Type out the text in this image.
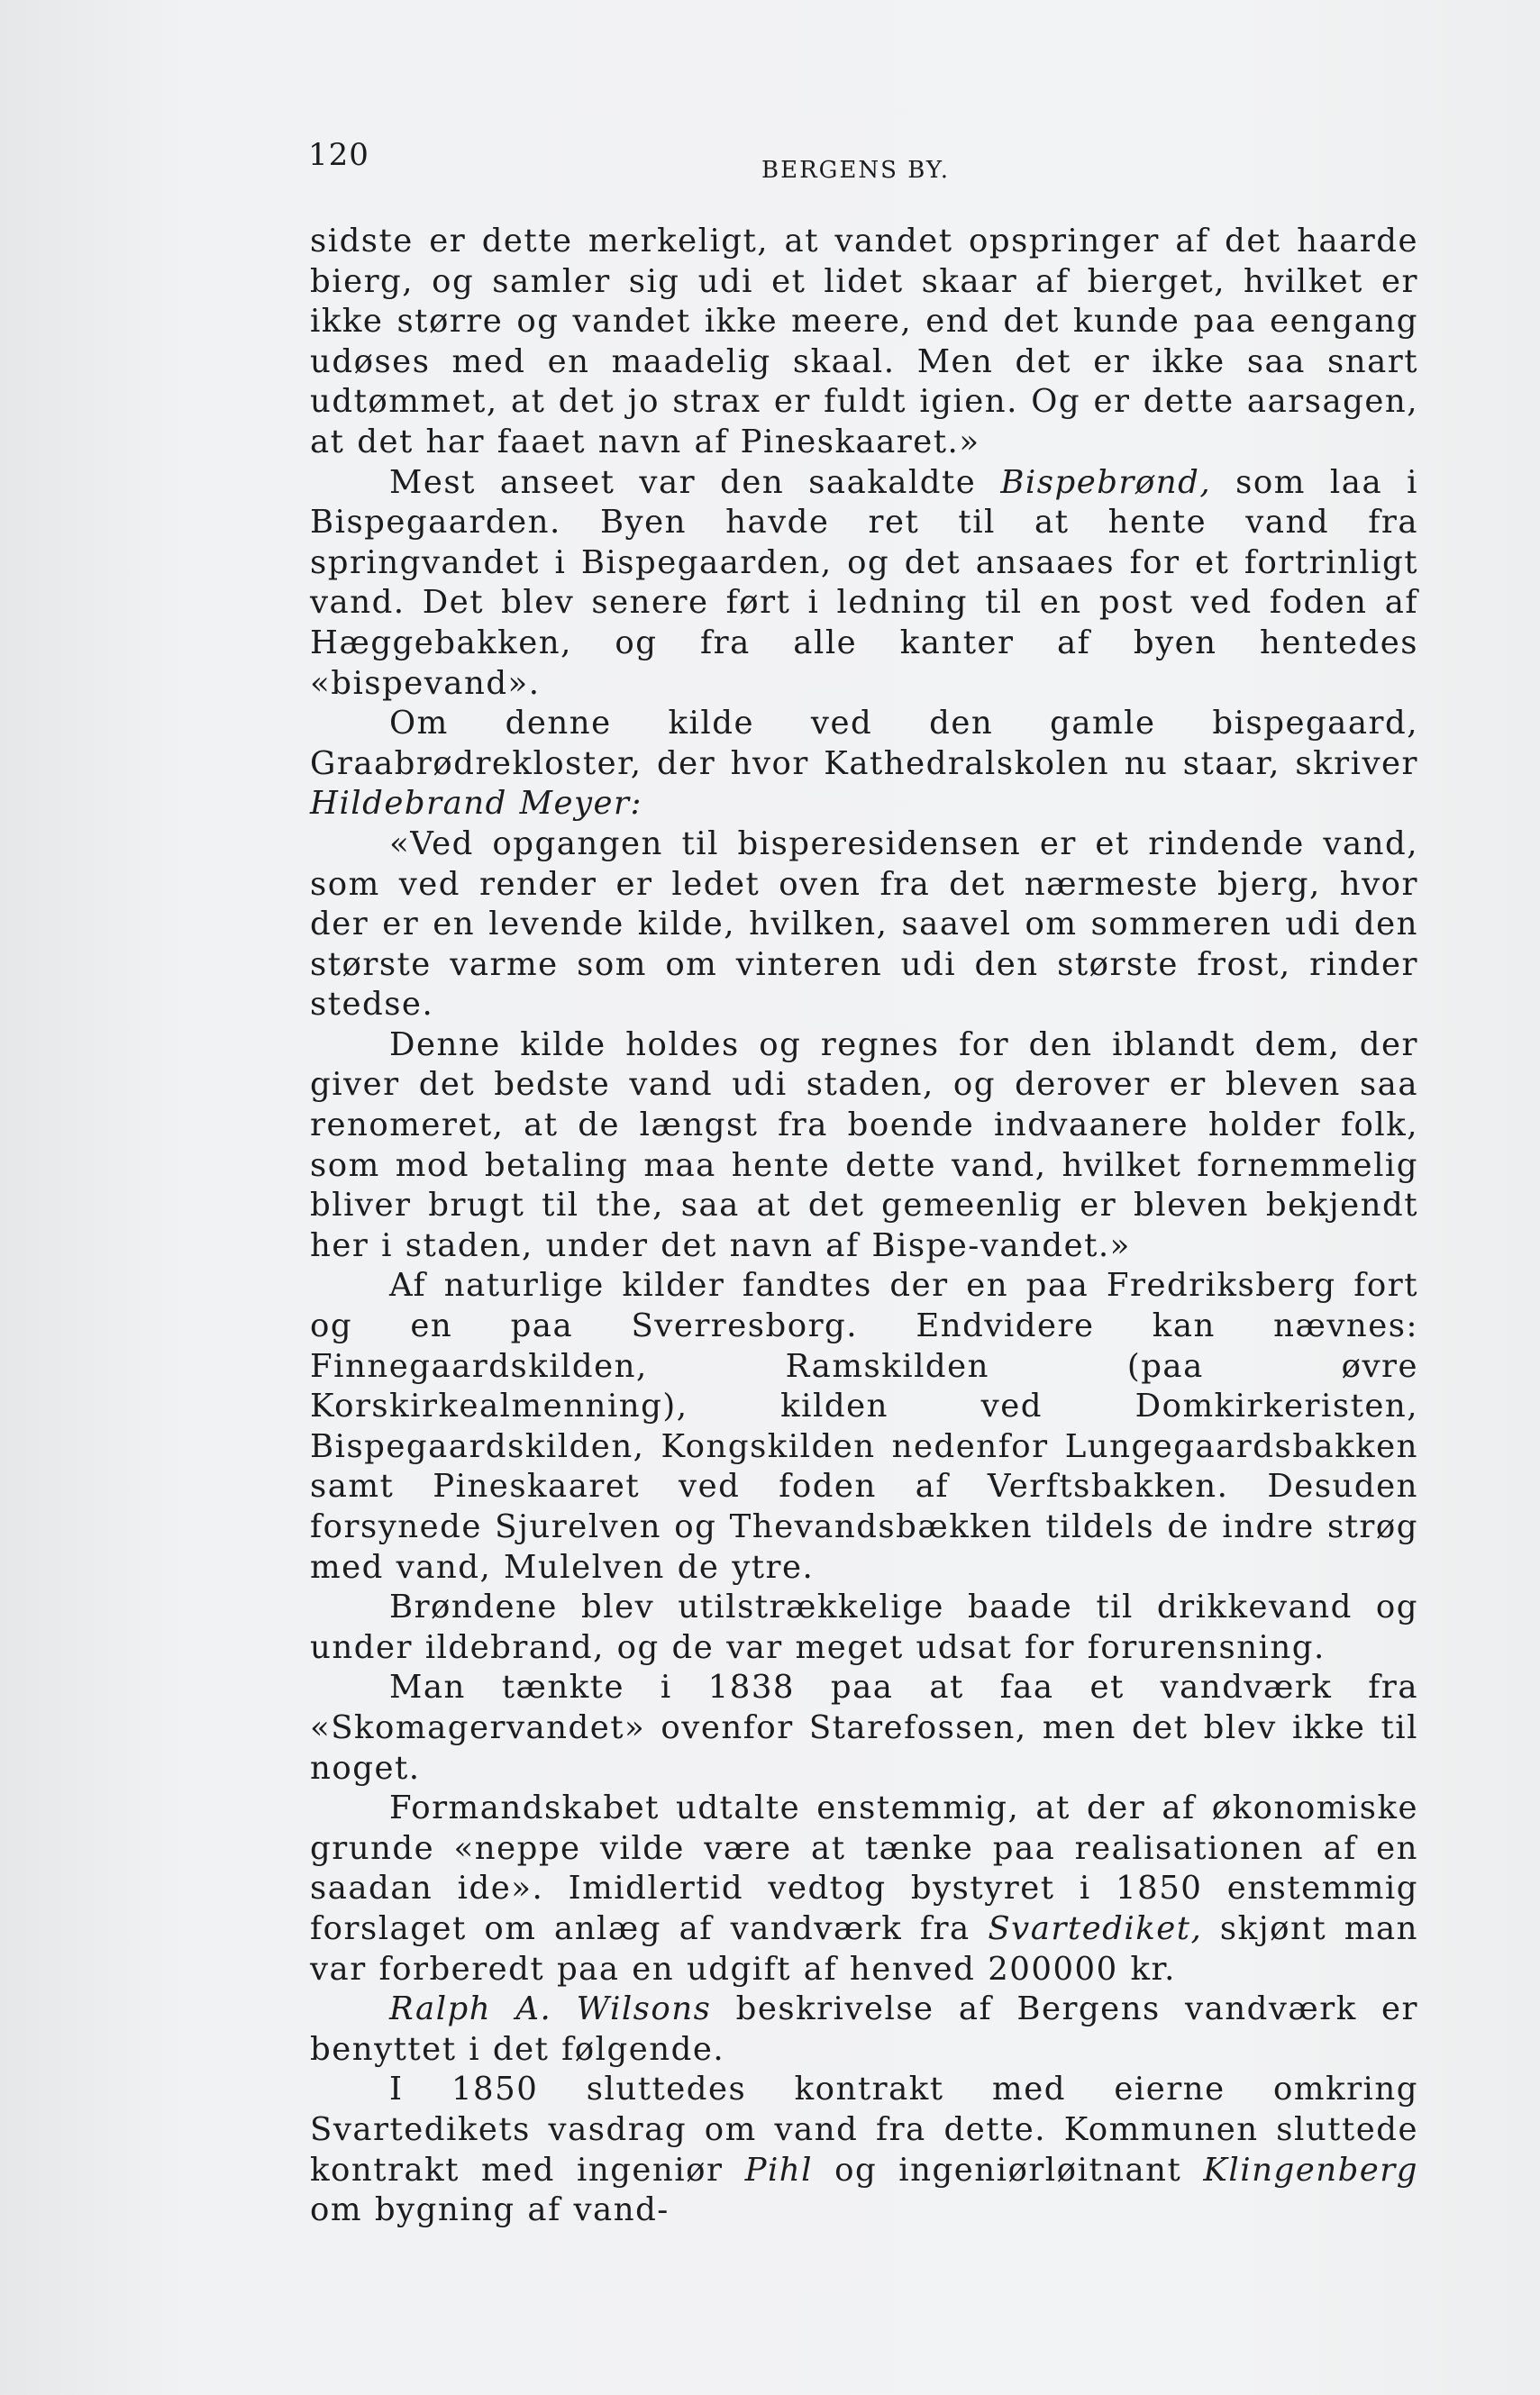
120	BERGENS BY.

sidste er dette merkeligt, at vandet opspringer af det haarde bierg, og samler sig udi et lidet skaar af bierget, hvilket er ikke større og vandet ikke meere, end det kunde paa eengang udøses med en maadelig skaal. Men det er ikke saa snart udtømmet, at det jo strax er fuldt igien. Og er dette aarsagen, at det har faaet navn af Pineskaaret.»

Mest anseet var den saakaldte Bispebrønd, som laa i Bispegaarden. Byen havde ret til at hente vand fra springvandet i Bispegaarden, og det ansaaes for et fortrinligt vand. Det blev senere ført i ledning til en post ved foden af Hæggebakken, og fra alle kanter af byen hentedes «bispevand».

Om denne kilde ved den gamle bispegaard, Graabrødrekloster, der hvor Kathedralskolen nu staar, skriver Hildebrand Meyer:

«Ved opgangen til bisperesidensen er et rindende vand, som ved render er ledet oven fra det nærmeste bjerg, hvor der er en levende kilde, hvilken, saavel om sommeren udi den største varme som om vinteren udi den største frost, rinder stedse.

Denne kilde holdes og regnes for den iblandt dem, der giver det bedste vand udi staden, og derover er bleven saa renomeret, at de længst fra boende indvaanere holder folk, som mod betaling maa hente dette vand, hvilket fornemmelig bliver brugt til the, saa at det gemeenlig er bleven bekjendt her i staden, under det navn af Bispe-vandet.»

Af naturlige kilder fandtes der en paa Fredriksberg fort og en paa Sverresborg. Endvidere kan nævnes: Finnegaardskilden, Ramskilden (paa øvre Korskirkealmenning), kilden ved Domkirkeristen, Bispegaardskilden, Kongskilden nedenfor Lungegaardsbakken samt Pineskaaret ved foden af Verftsbakken. Desuden forsynede Sjurelven og Thevandsbækken tildels de indre strøg med vand, Mulelven de ytre.

Brøndene blev utilstrækkelige baade til drikkevand og under ildebrand, og de var meget udsat for forurensning.

Man tænkte i 1838 paa at faa et vandværk fra «Skomagervandet» ovenfor Starefossen, men det blev ikke til noget.

Formandskabet udtalte enstemmig, at der af økonomiske grunde «neppe vilde være at tænke paa realisationen af en saadan ide». Imidlertid vedtog bystyret i 1850 enstemmig forslaget om anlæg af vandværk fra Svartediket, skjønt man var forberedt paa en udgift af henved 200000 kr.

Ralph A. Wilsons beskrivelse af Bergens vandværk er benyttet i det følgende.

I 1850 sluttedes kontrakt med eierne omkring Svartedikets vasdrag om vand fra dette. Kommunen sluttede kontrakt med ingeniør Pihl og ingeniørløitnant Klingenberg om bygning af vand-
